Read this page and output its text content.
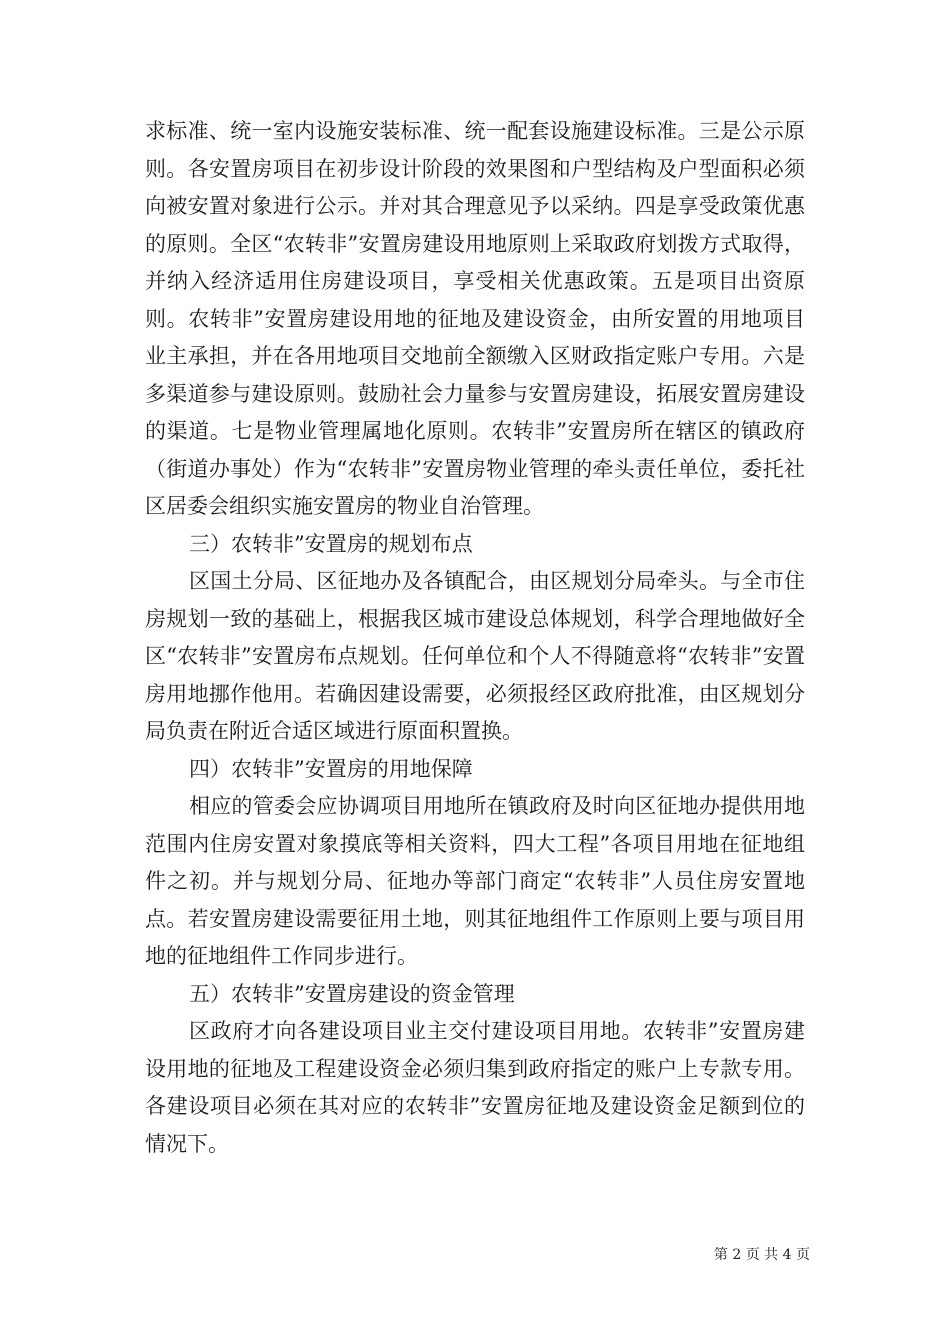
求标准、统一室内设施安装标准、统一配套设施建设标准。三是公示原则。各安置房项目在初步设计阶段的效果图和户型结构及户型面积必须向被安置对象进行公示。并对其合理意见予以采纳。四是享受政策优惠的原则。全区“农转非”安置房建设用地原则上采取政府划拨方式取得，并纳入经济适用住房建设项目，享受相关优惠政策。五是项目出资原则。农转非”安置房建设用地的征地及建设资金，由所安置的用地项目业主承担，并在各用地项目交地前全额缴入区财政指定账户专用。六是多渠道参与建设原则。鼓励社会力量参与安置房建设，拓展安置房建设的渠道。七是物业管理属地化原则。农转非”安置房所在辖区的镇政府（街道办事处）作为“农转非”安置房物业管理的牵头责任单位，委托社区居委会组织实施安置房的物业自治管理。

三）农转非”安置房的规划布点

区国土分局、区征地办及各镇配合，由区规划分局牵头。与全市住房规划一致的基础上，根据我区城市建设总体规划，科学合理地做好全区“农转非”安置房布点规划。任何单位和个人不得随意将“农转非”安置房用地挪作他用。若确因建设需要，必须报经区政府批准，由区规划分局负责在附近合适区域进行原面积置换。

四）农转非”安置房的用地保障

相应的管委会应协调项目用地所在镇政府及时向区征地办提供用地范围内住房安置对象摸底等相关资料，四大工程”各项目用地在征地组件之初。并与规划分局、征地办等部门商定“农转非”人员住房安置地点。若安置房建设需要征用土地，则其征地组件工作原则上要与项目用地的征地组件工作同步进行。

五）农转非”安置房建设的资金管理

区政府才向各建设项目业主交付建设项目用地。农转非”安置房建设用地的征地及工程建设资金必须归集到政府指定的账户上专款专用。各建设项目必须在其对应的农转非”安置房征地及建设资金足额到位的情况下。

第 2 页 共 4 页
